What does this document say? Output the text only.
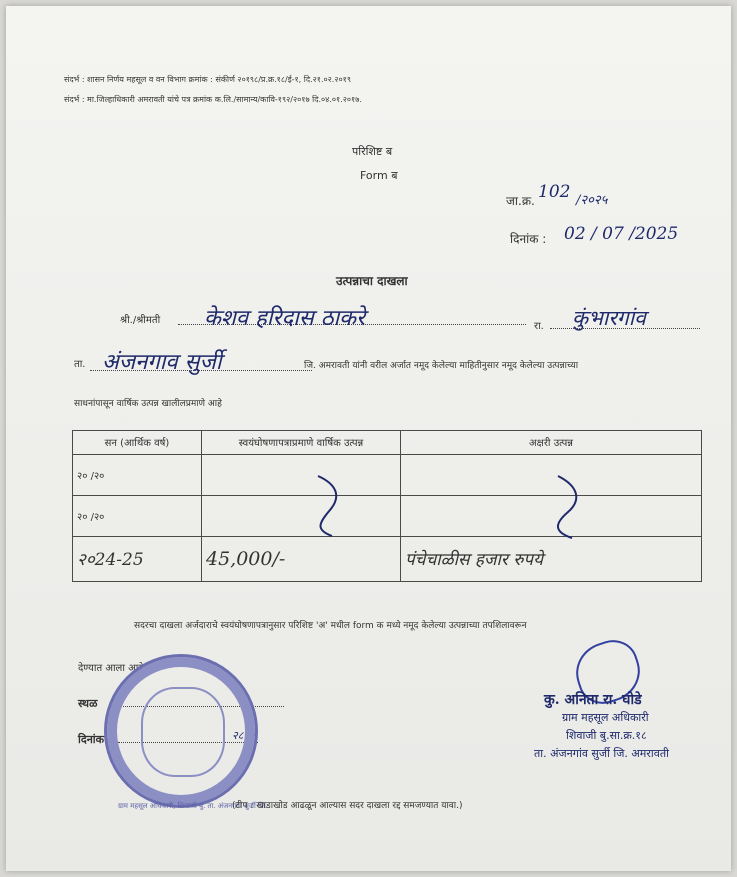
संदर्भ : शासन निर्णय महसूल व वन विभाग क्रमांक : संकीर्ण २०१९८/प्र.क्र.१८/ई-१, दि.२१.०२.२०१९
संदर्भ : मा.जिल्हाधिकारी अमरावती यांचे पत्र क्रमांक क.लि./सामान्य/कावि-१९२/२०१७ दि.०४.०१.२०१७.
परिशिष्ट ब
Form ब
जा.क्र. 102 /२०२५
दिनांक : 02 / 07 /2025
उत्पन्नाचा दाखला
श्री./श्रीमती केशव हरिदास ठाकरे	रा. कुंभारगांव
ता. अंजनगाव सुर्जी	जि. अमरावती यांनी वरील अर्जात नमूद केलेल्या माहितीनुसार नमूद केलेल्या उत्पन्नाच्या
साधनांपासून वार्षिक उत्पन्न खालीलप्रमाणे आहे
सन (आर्थिक वर्ष)	स्वयंघोषणापत्राप्रमाणे वार्षिक उत्पन्न	अक्षरी उत्पन्न
२० /२०		
२० /२०		
२०24-25	45,000/-	पंचेचाळीस हजार रुपये
सदरचा दाखला अर्जदाराचे स्वयंघोषणापत्रानुसार परिशिष्ट 'अ' मधील form क मध्ये नमूद केलेल्या उत्पन्नाच्या तपशिलावरून
देण्यात आला आहे.
स्थळ
दिनांक	२८९०
ग्राम महसूल अधिकारी, शिवाजी बु. ता. अंजनगांव सुर्जी जि.
कु. अनिता रा. घोडे
ग्राम महसूल अधिकारी
शिवाजी बु.सा.क्र.१८
ता. अंजनगांव सुर्जी जि. अमरावती
(टीप : खाडाखोड आढळून आल्यास सदर दाखला रद्द समजण्यात यावा.)
